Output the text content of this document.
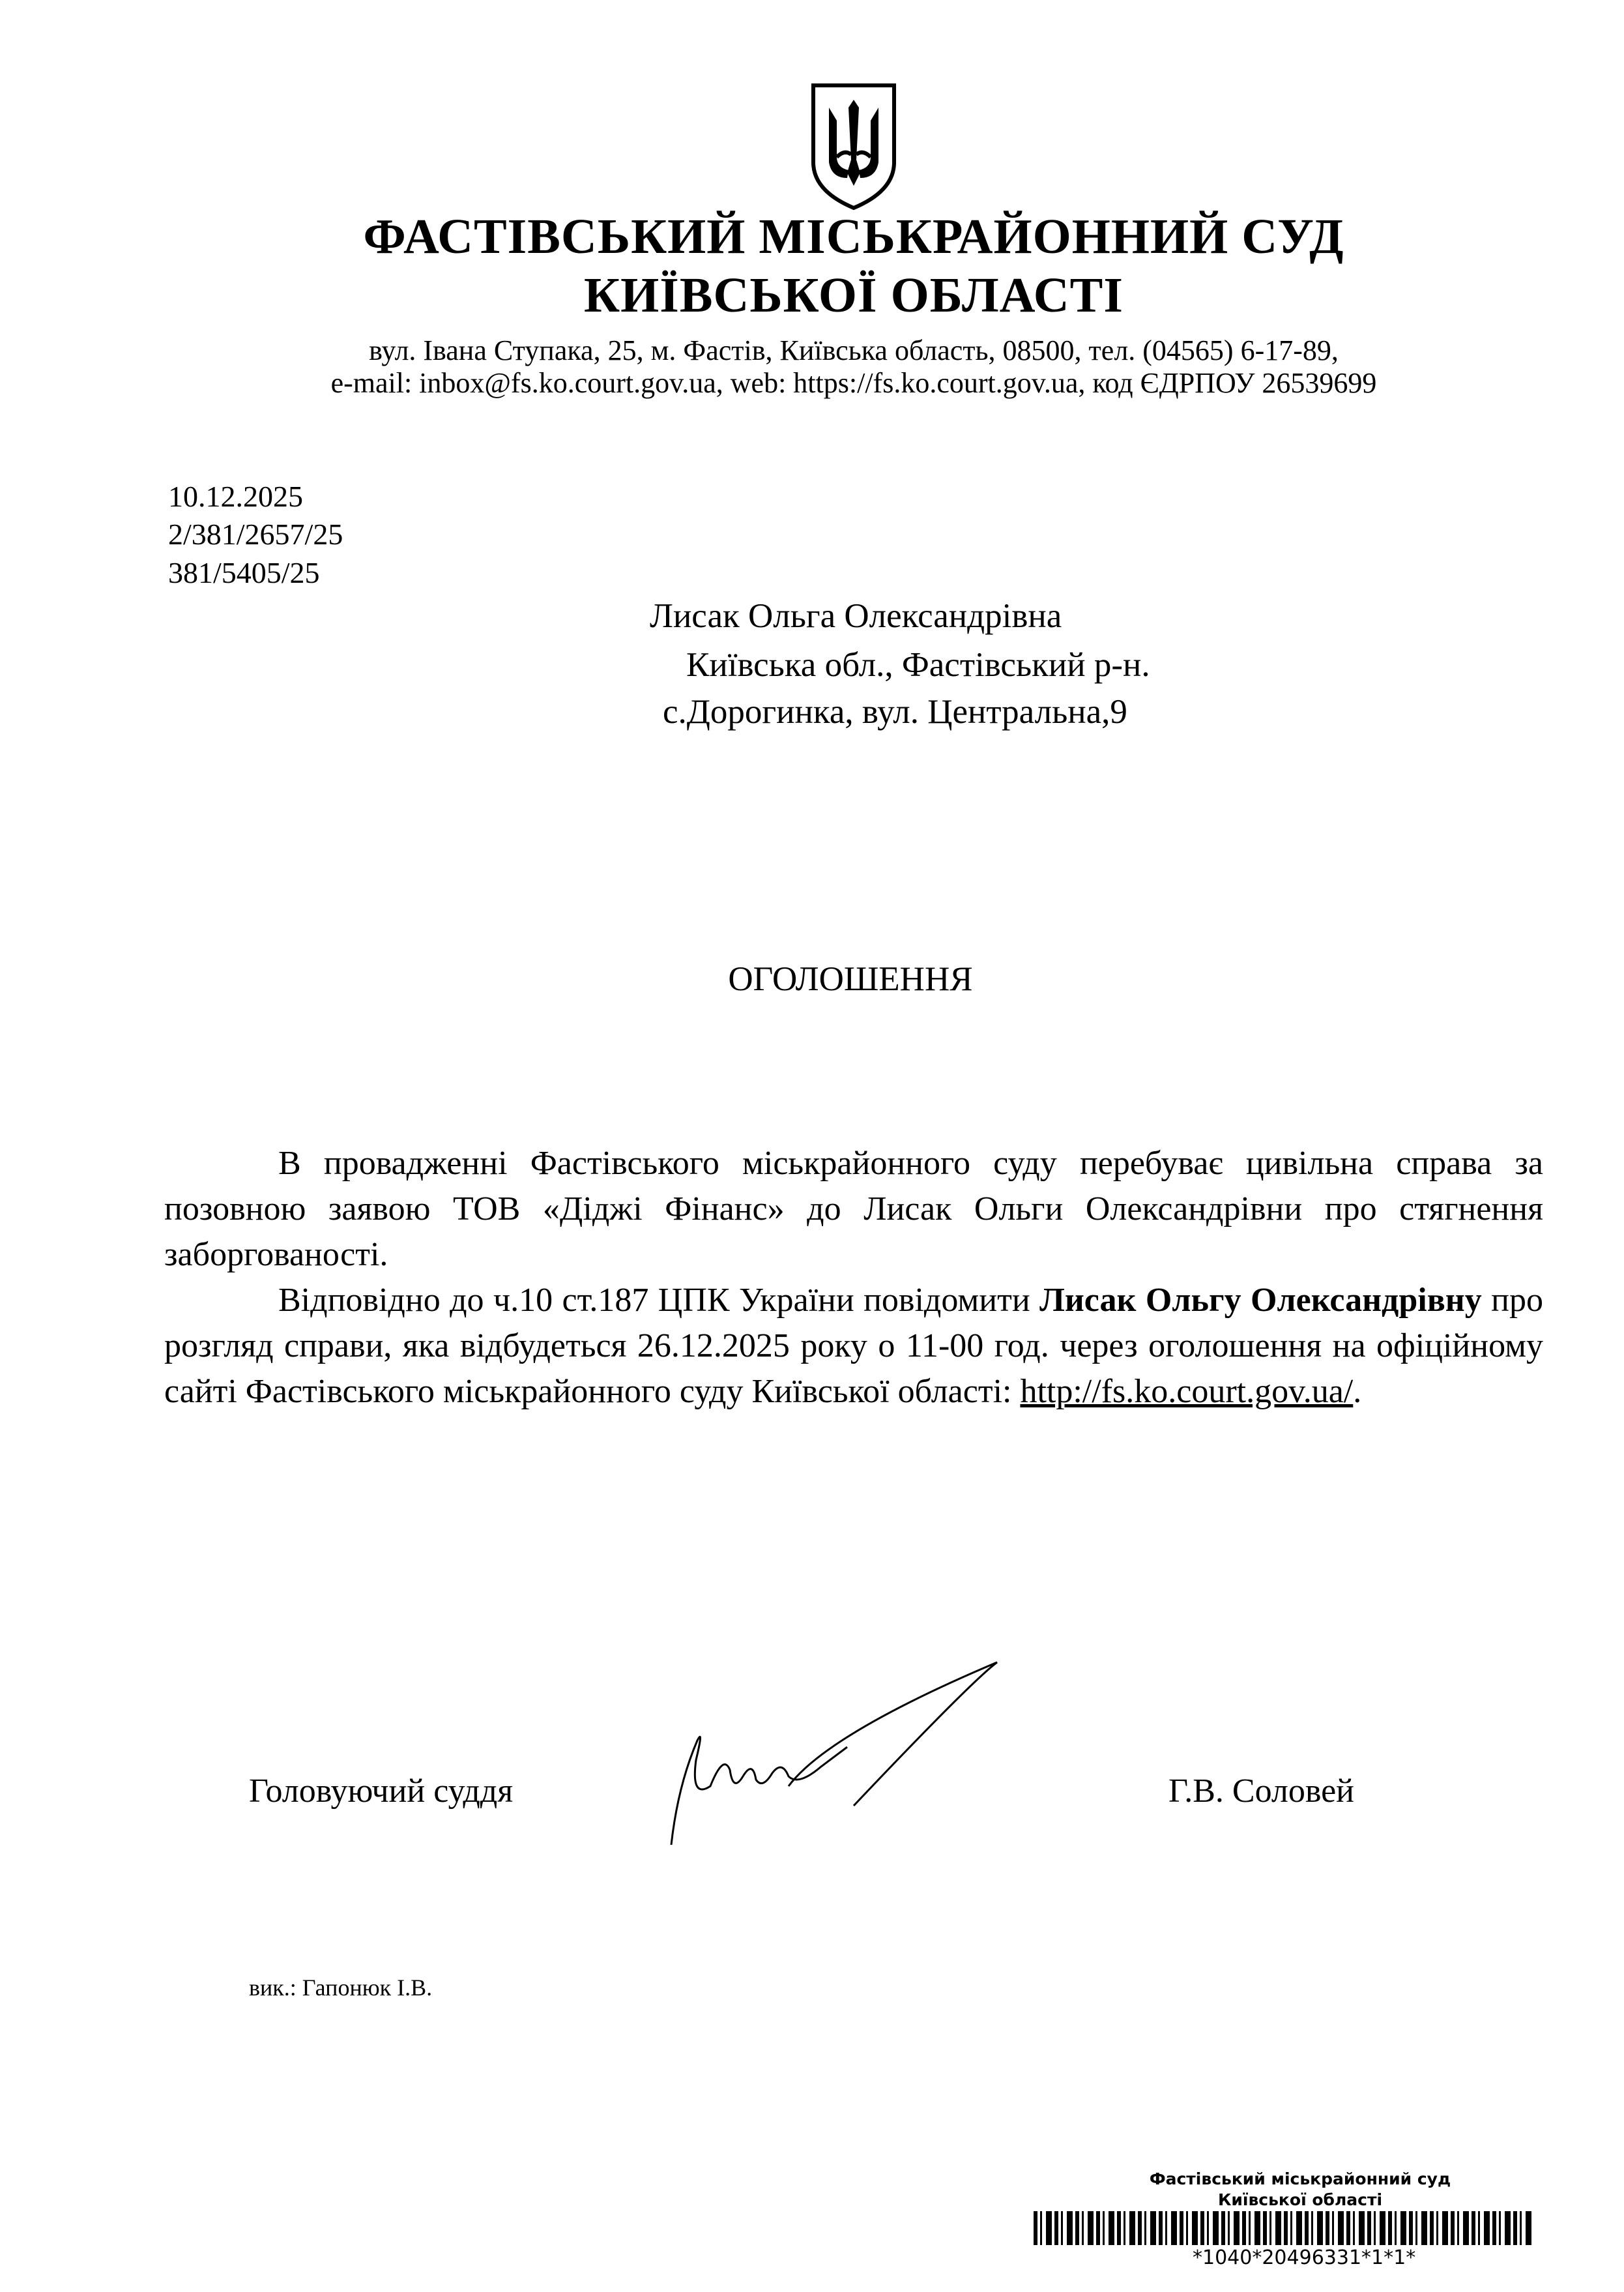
ФАСТІВСЬКИЙ МІСЬКРАЙОННИЙ СУД
КИЇВСЬКОЇ ОБЛАСТІ
вул. Івана Ступака, 25, м. Фастів, Київська область, 08500, тел. (04565) 6-17-89,
e-mail: inbox@fs.ko.court.gov.ua, web: https://fs.ko.court.gov.ua, код ЄДРПОУ 26539699
10.12.2025
2/381/2657/25
381/5405/25
Лисак Ольга Олександрівна
Київська обл., Фастівський р-н.
с.Дорогинка, вул. Центральна,9
ОГОЛОШЕННЯ

В провадженні Фастівського міськрайонного суду перебуває цивільна справа за позовною заявою ТОВ «Діджі Фінанс» до Лисак Ольги Олександрівни про стягнення заборгованості.

Відповідно до ч.10 ст.187 ЦПК України повідомити Лисак Ольгу Олександрівну про розгляд справи, яка відбудеться 26.12.2025 року о 11-00 год. через оголошення на офіційному сайті Фастівського міськрайонного суду Київської області: http://fs.ko.court.gov.ua/.

Головуючий суддя	Г.В. Соловей
вик.: Гапонюк І.В.
Фастівський міськрайонний суд
Київської області
*1040*20496331*1*1*
